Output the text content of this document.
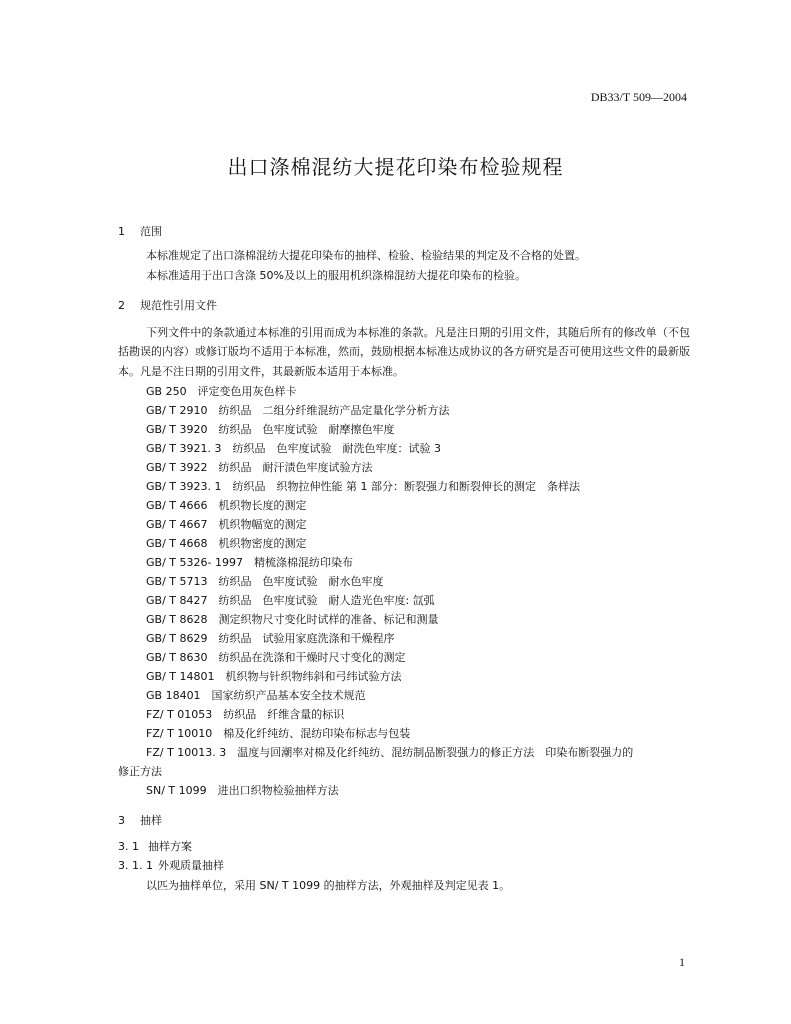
DB33/T 509—2004
出口涤棉混纺大提花印染布检验规程
1 范围
本标准规定了出口涤棉混纺大提花印染布的抽样、检验、检验结果的判定及不合格的处置。
本标准适用于出口含涤 50%及以上的服用机织涤棉混纺大提花印染布的检验。
2 规范性引用文件
下列文件中的条款通过本标准的引用而成为本标准的条款。凡是注日期的引用文件，其随后所有的修改单（不包括勘误的内容）或修订版均不适用于本标准，然而，鼓励根据本标准达成协议的各方研究是否可使用这些文件的最新版本。凡是不注日期的引用文件，其最新版本适用于本标准。
GB 250　评定变色用灰色样卡
GB/ T 2910　纺织品　二组分纤维混纺产品定量化学分析方法
GB/ T 3920　纺织品　色牢度试验　耐摩擦色牢度
GB/ T 3921. 3　纺织品　色牢度试验　耐洗色牢度：试验 3
GB/ T 3922　纺织品　耐汗渍色牢度试验方法
GB/ T 3923. 1　纺织品　织物拉伸性能 第 1 部分：断裂强力和断裂伸长的测定　条样法
GB/ T 4666　机织物长度的测定
GB/ T 4667　机织物幅宽的测定
GB/ T 4668　机织物密度的测定
GB/ T 5326- 1997　精梳涤棉混纺印染布
GB/ T 5713　纺织品　色牢度试验　耐水色牢度
GB/ T 8427　纺织品　色牢度试验　耐人造光色牢度: 氙弧
GB/ T 8628　测定织物尺寸变化时试样的准备、标记和测量
GB/ T 8629　纺织品　试验用家庭洗涤和干燥程序
GB/ T 8630　纺织品在洗涤和干燥时尺寸变化的测定
GB/ T 14801　机织物与针织物纬斜和弓纬试验方法
GB 18401　国家纺织产品基本安全技术规范
FZ/ T 01053　纺织品　纤维含量的标识
FZ/ T 10010　棉及化纤纯纺、混纺印染布标志与包装
FZ/ T 10013. 3　温度与回潮率对棉及化纤纯纺、混纺制品断裂强力的修正方法　印染布断裂强力的
修正方法
SN/ T 1099　进出口织物检验抽样方法
3 抽样
3. 1 抽样方案
3. 1. 1 外观质量抽样
以匹为抽样单位，采用 SN/ T 1099 的抽样方法，外观抽样及判定见表 1。
1
